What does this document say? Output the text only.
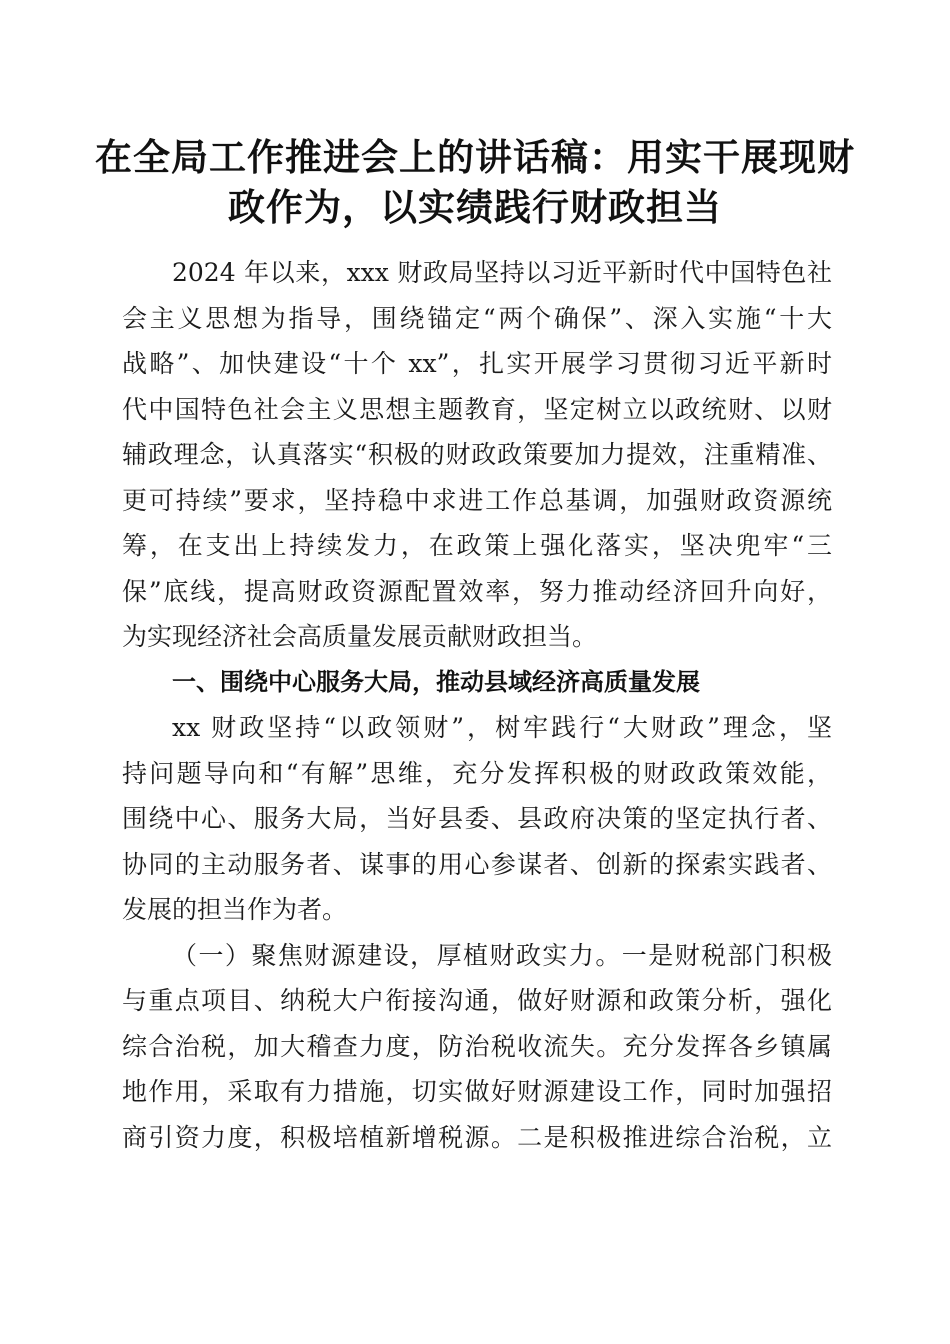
在全局工作推进会上的讲话稿：用实干展现财
政作为，以实绩践行财政担当
2024 年以来，xxx 财政局坚持以习近平新时代中国特色社
会主义思想为指导，围绕锚定“两个确保”、深入实施“十大
战略”、加快建设“十个 xx”，扎实开展学习贯彻习近平新时
代中国特色社会主义思想主题教育，坚定树立以政统财、以财
辅政理念，认真落实“积极的财政政策要加力提效，注重精准、
更可持续”要求，坚持稳中求进工作总基调，加强财政资源统
筹，在支出上持续发力，在政策上强化落实，坚决兜牢“三
保”底线，提高财政资源配置效率，努力推动经济回升向好，
为实现经济社会高质量发展贡献财政担当。
一、围绕中心服务大局，推动县域经济高质量发展
xx 财政坚持“以政领财”，树牢践行“大财政”理念，坚
持问题导向和“有解”思维，充分发挥积极的财政政策效能，
围绕中心、服务大局，当好县委、县政府决策的坚定执行者、
协同的主动服务者、谋事的用心参谋者、创新的探索实践者、
发展的担当作为者。
（一）聚焦财源建设，厚植财政实力。一是财税部门积极
与重点项目、纳税大户衔接沟通，做好财源和政策分析，强化
综合治税，加大稽查力度，防治税收流失。充分发挥各乡镇属
地作用，采取有力措施，切实做好财源建设工作，同时加强招
商引资力度，积极培植新增税源。二是积极推进综合治税，立
